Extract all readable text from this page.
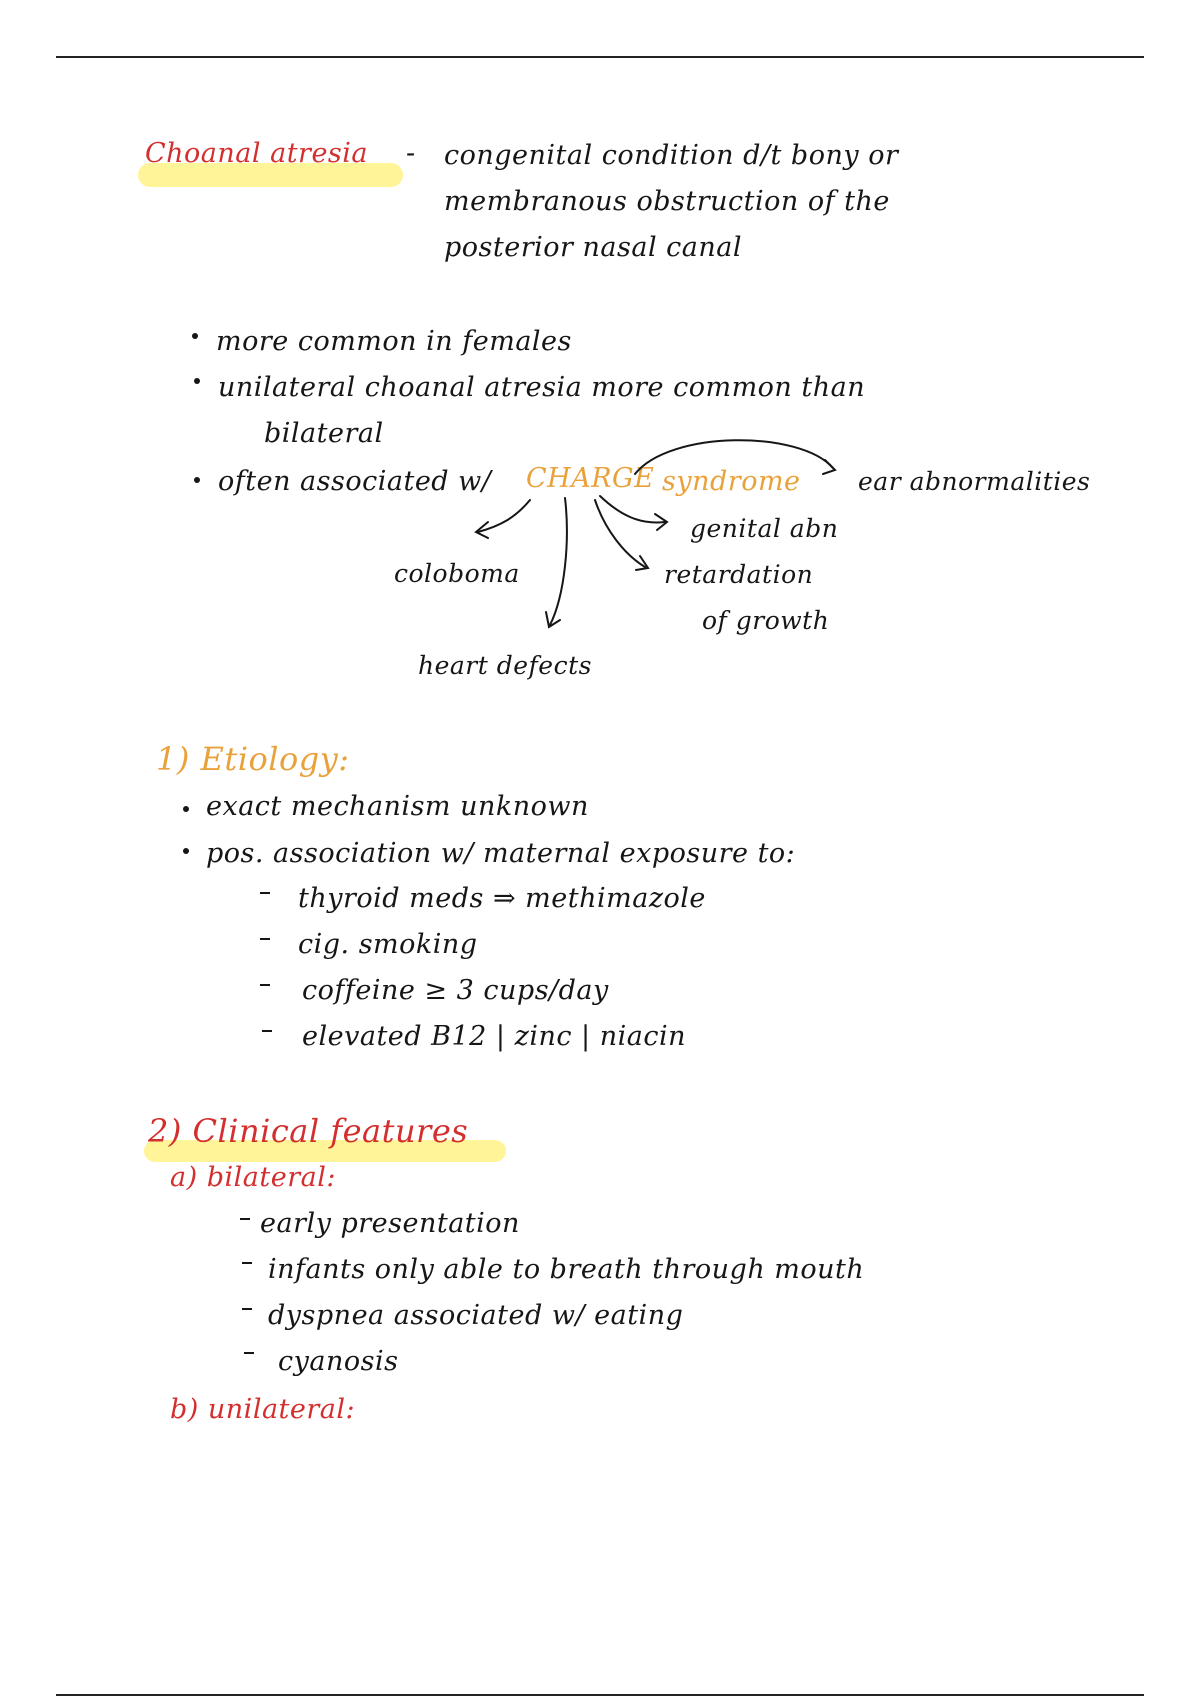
Choanal atresia - congenital condition d/t bony or
membranous obstruction of the
posterior nasal canal
more common in females
unilateral choanal atresia more common than
bilateral
often associated w/ CHARGE syndrome ear abnormalities
genital abn
retardation
of growth
coloboma
heart defects
1) Etiology:
exact mechanism unknown
pos. association w/ maternal exposure to:
thyroid meds ⇒ methimazole
cig. smoking
coffeine ≥ 3 cups/day
elevated B12 | zinc | niacin
2) Clinical features
a) bilateral:
early presentation
infants only able to breath through mouth
dyspnea associated w/ eating
cyanosis
b) unilateral:
